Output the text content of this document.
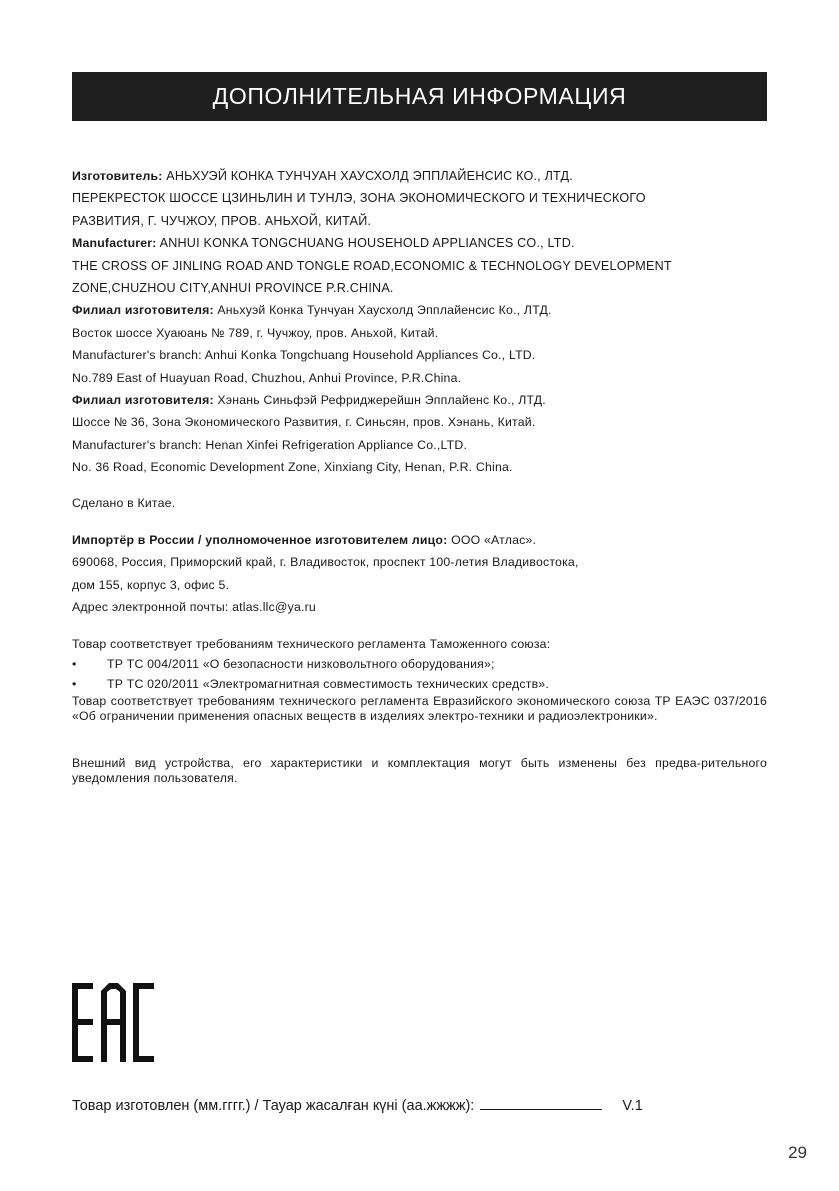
ДОПОЛНИТЕЛЬНАЯ ИНФОРМАЦИЯ
Изготовитель: АНЬХУЭЙ КОНКА ТУНЧУАН ХАУСХОЛД ЭППЛАЙЕНСИС КО., ЛТД.
ПЕРЕКРЕСТОК ШОССЕ ЦЗИНЬЛИН И ТУНЛЭ, ЗОНА ЭКОНОМИЧЕСКОГО И ТЕХНИЧЕСКОГО
РАЗВИТИЯ, Г. ЧУЧЖОУ, ПРОВ. АНЬХОЙ, КИТАЙ.
Manufacturer: ANHUI KONKA TONGCHUANG HOUSEHOLD APPLIANCES CO., LTD.
THE CROSS OF JINLING ROAD AND TONGLE ROAD,ECONOMIC & TECHNOLOGY DEVELOPMENT
ZONE,CHUZHOU CITY,ANHUI PROVINCE P.R.CHINA.
Филиал изготовителя: Аньхуэй Конка Тунчуан Хаусхолд Эпплайенсис Ко., ЛТД.
Восток шоссе Хуаюань № 789, г. Чучжоу, пров. Аньхой, Китай.
Manufacturer's branch: Anhui Konka Tongchuang Household Appliances Co., LTD.
No.789 East of Huayuan Road, Chuzhou, Anhui Province, P.R.China.
Филиал изготовителя: Хэнань Синьфэй Рефриджерейшн Эпплайенс Ко., ЛТД.
Шоссе № 36, Зона Экономического Развития, г. Синьсян, пров. Хэнань, Китай.
Manufacturer's branch: Henan Xinfei Refrigeration Appliance Co.,LTD.
No. 36 Road, Economic Development Zone, Xinxiang City, Henan, P.R. China.
Сделано в Китае.
Импортёр в России / уполномоченное изготовителем лицо: ООО «Атлас».
690068, Россия, Приморский край, г. Владивосток, проспект 100-летия Владивостока,
дом 155, корпус 3, офис 5.
Адрес электронной почты: atlas.llc@ya.ru
Товар соответствует требованиям технического регламента Таможенного союза:
•	ТР ТС 004/2011 «О безопасности низковольтного оборудования»;
•	ТР ТС 020/2011 «Электромагнитная совместимость технических средств».

Товар соответствует требованиям технического регламента Евразийского экономического союза ТР ЕАЭС 037/2016 «Об ограничении применения опасных веществ в изделиях электро-техники и радиоэлектроники».

Внешний вид устройства, его характеристики и комплектация могут быть изменены без предва-рительного уведомления пользователя.

Товар изготовлен (мм.гггг.) / Тауар жасалған күні (аа.жжжж):	V.1
29
